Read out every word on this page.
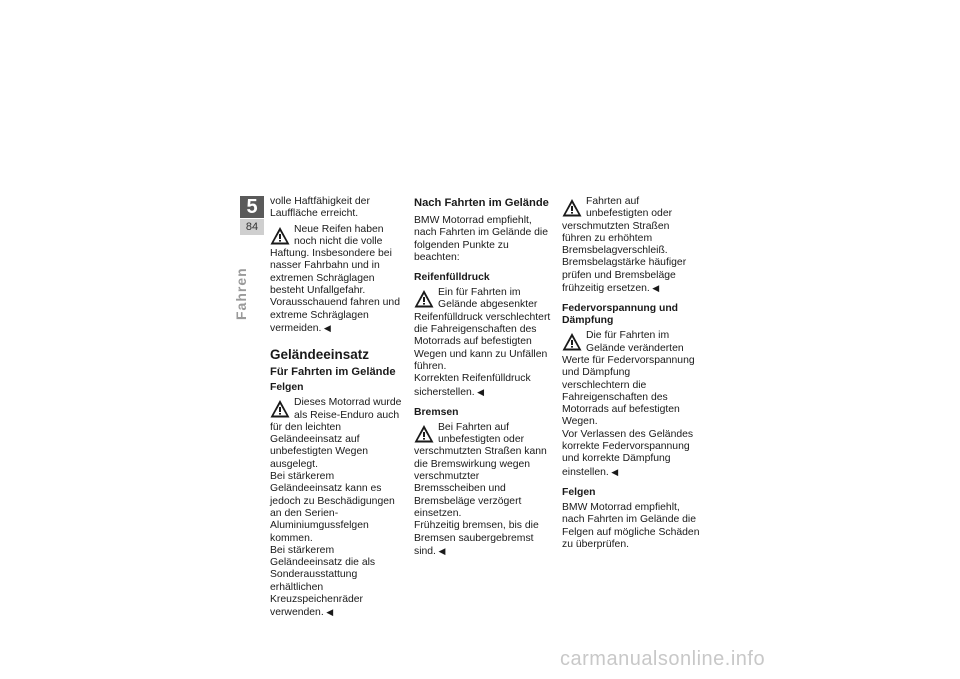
5
84
Fahren

volle Haftfähigkeit der Lauffläche erreicht.

Neue Reifen haben noch nicht die volle Haftung. Insbesondere bei nasser Fahrbahn und in extremen Schräglagen besteht Unfallgefahr.

Vorausschauend fahren und extreme Schräglagen vermeiden. ◀

Geländeeinsatz
Für Fahrten im Gelände
Felgen

Dieses Motorrad wurde als Reise-Enduro auch für den leichten Geländeeinsatz auf unbefestigten Wegen ausgelegt.

Bei stärkerem Geländeeinsatz kann es jedoch zu Beschädigungen an den Serien-Aluminiumgussfelgen kommen.

Bei stärkerem Geländeeinsatz die als Sonderausstattung erhältlichen Kreuzspeichenräder verwenden. ◀

Nach Fahrten im Gelände

BMW Motorrad empfiehlt, nach Fahrten im Gelände die folgenden Punkte zu beachten:

Reifenfülldruck

Ein für Fahrten im Gelände abgesenkter Reifenfülldruck verschlechtert die Fahreigenschaften des Motorrads auf befestigten Wegen und kann zu Unfällen führen.

Korrekten Reifenfülldruck sicherstellen. ◀

Bremsen

Bei Fahrten auf unbefestigten oder verschmutzten Straßen kann die Bremswirkung wegen verschmutzter Bremsscheiben und Bremsbeläge verzögert einsetzen.

Frühzeitig bremsen, bis die Bremsen saubergebremst sind. ◀

Fahrten auf unbefestigten oder verschmutzten Straßen führen zu erhöhtem Bremsbelagverschleiß.

Bremsbelagstärke häufiger prüfen und Bremsbeläge frühzeitig ersetzen. ◀

Federvorspannung und Dämpfung

Die für Fahrten im Gelände veränderten Werte für Federvorspannung und Dämpfung verschlechtern die Fahreigenschaften des Motorrads auf befestigten Wegen.

Vor Verlassen des Geländes korrekte Federvorspannung und korrekte Dämpfung einstellen. ◀

Felgen

BMW Motorrad empfiehlt, nach Fahrten im Gelände die Felgen auf mögliche Schäden zu überprüfen.

carmanualsonline.info
